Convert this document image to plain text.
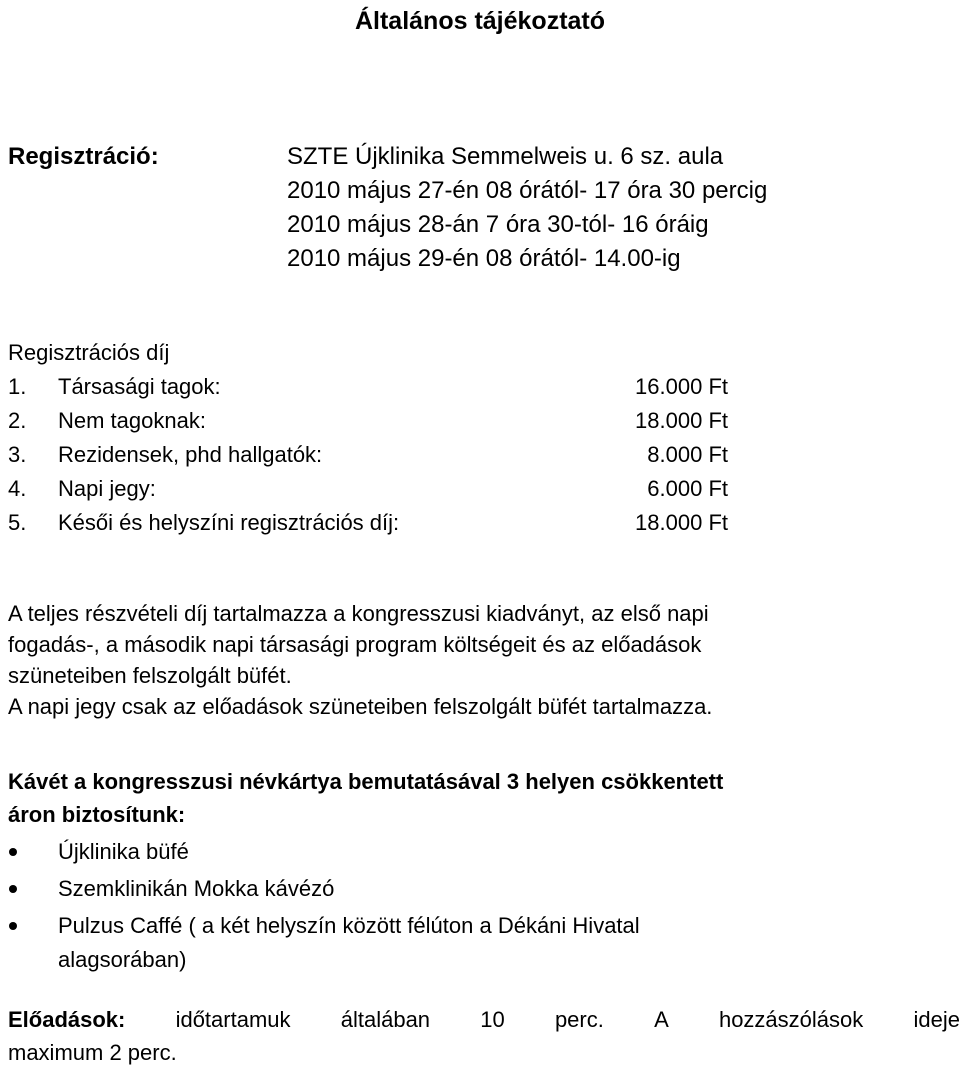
Általános tájékoztató
Regisztráció:	SZTE Újklinika Semmelweis u. 6 sz. aula
2010 május 27-én 08 órától- 17 óra 30 percig
2010 május 28-án 7 óra 30-tól- 16 óráig
2010 május 29-én 08 órától- 14.00-ig
Regisztrációs díj
1. Társasági tagok:	16.000 Ft
2. Nem tagoknak:	18.000 Ft
3. Rezidensek, phd hallgatók:	8.000 Ft
4. Napi jegy:	6.000 Ft
5. Késői és helyszíni regisztrációs díj:	18.000 Ft
A teljes részvételi díj tartalmazza a kongresszusi kiadványt, az első napi
fogadás-, a második napi társasági program költségeit és az előadások
szüneteiben felszolgált büfét.
A napi jegy csak az előadások szüneteiben felszolgált büfét tartalmazza.
Kávét a kongresszusi névkártya bemutatásával 3 helyen csökkentett
áron biztosítunk:
Újklinika büfé
Szemklinikán Mokka kávézó
Pulzus Caffé ( a két helyszín között félúton a Dékáni Hivatal
alagsorában)
Előadások: időtartamuk általában 10 perc. A hozzászólások ideje
maximum 2 perc.
